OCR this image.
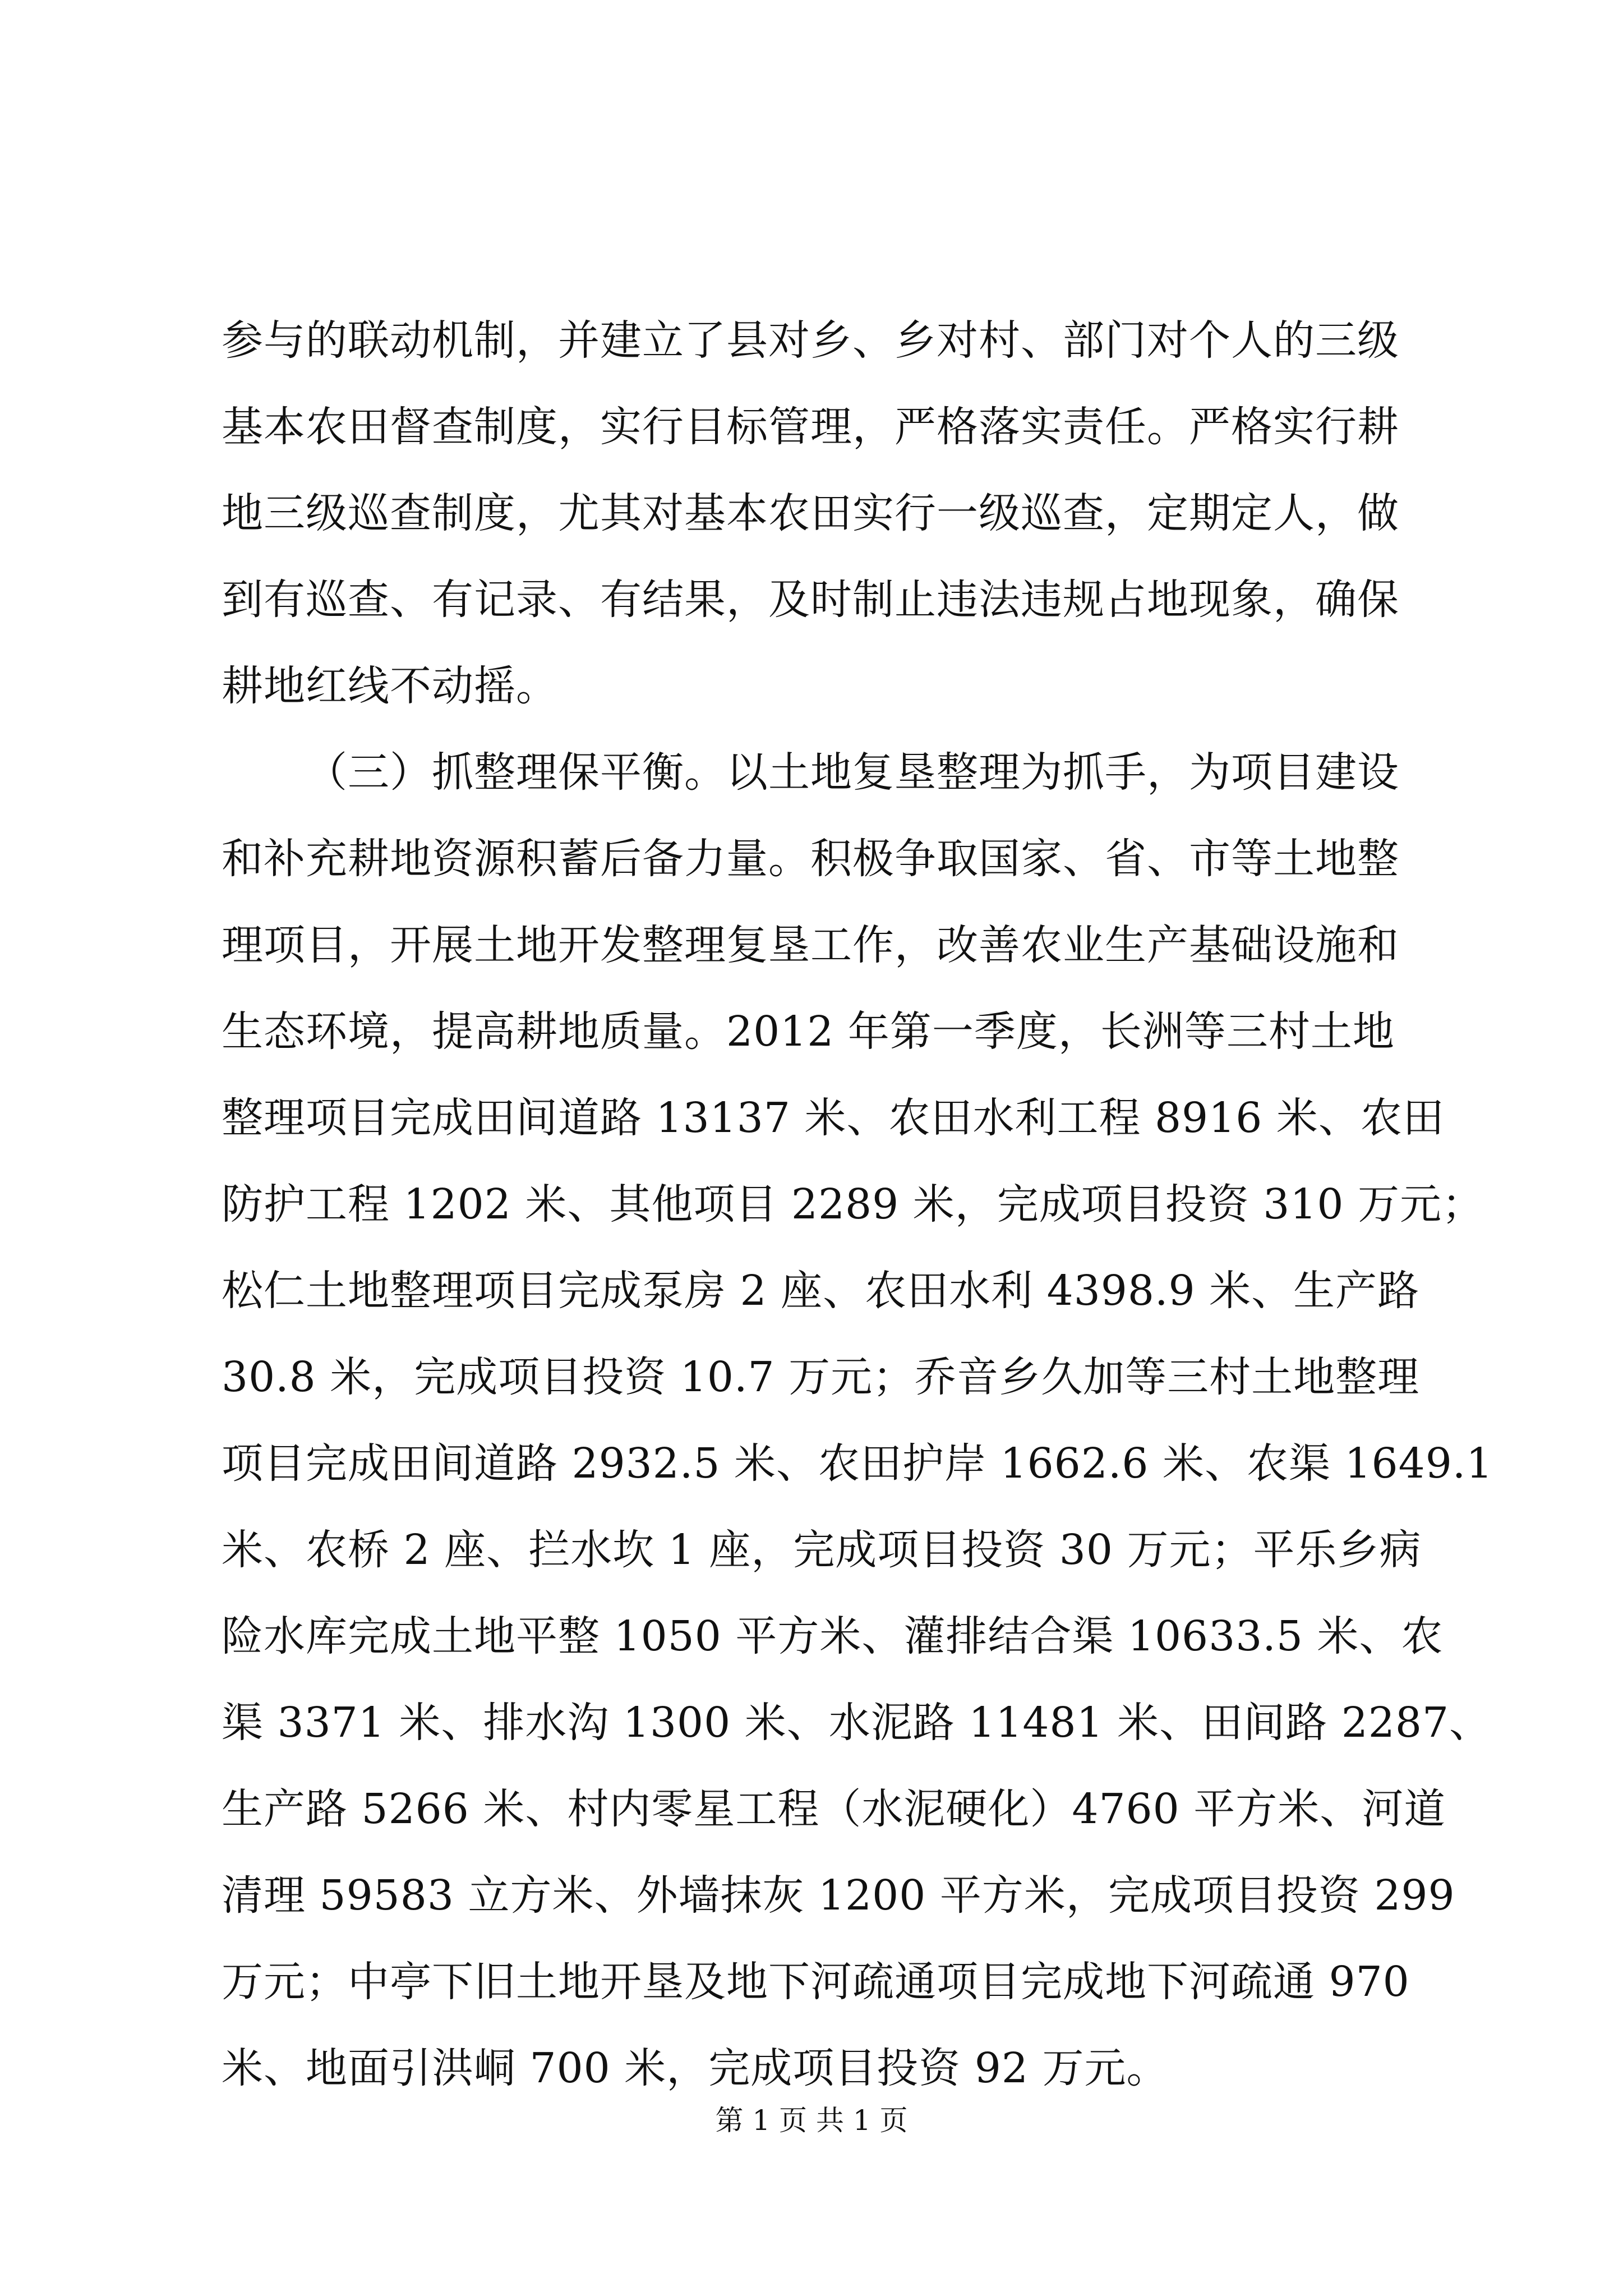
参与的联动机制，并建立了县对乡、乡对村、部门对个人的三级
基本农田督查制度，实行目标管理，严格落实责任。严格实行耕
地三级巡查制度，尤其对基本农田实行一级巡查，定期定人，做
到有巡查、有记录、有结果，及时制止违法违规占地现象，确保
耕地红线不动摇。
（三）抓整理保平衡。以土地复垦整理为抓手，为项目建设
和补充耕地资源积蓄后备力量。积极争取国家、省、市等土地整
理项目，开展土地开发整理复垦工作，改善农业生产基础设施和
生态环境，提高耕地质量。2012 年第一季度，长洲等三村土地
整理项目完成田间道路 13137 米、农田水利工程 8916 米、农田
防护工程 1202 米、其他项目 2289 米，完成项目投资 310 万元；
松仁土地整理项目完成泵房 2 座、农田水利 4398.9 米、生产路
30.8 米，完成项目投资 10.7 万元；乔音乡久加等三村土地整理
项目完成田间道路 2932.5 米、农田护岸 1662.6 米、农渠 1649.1
米、农桥 2 座、拦水坎 1 座，完成项目投资 30 万元；平乐乡病
险水库完成土地平整 1050 平方米、灌排结合渠 10633.5 米、农
渠 3371 米、排水沟 1300 米、水泥路 11481 米、田间路 2287、
生产路 5266 米、村内零星工程（水泥硬化）4760 平方米、河道
清理 59583 立方米、外墙抹灰 1200 平方米，完成项目投资 299
万元；中亭下旧土地开垦及地下河疏通项目完成地下河疏通 970
米、地面引洪峒 700 米，完成项目投资 92 万元。
第 1 页 共 1 页
